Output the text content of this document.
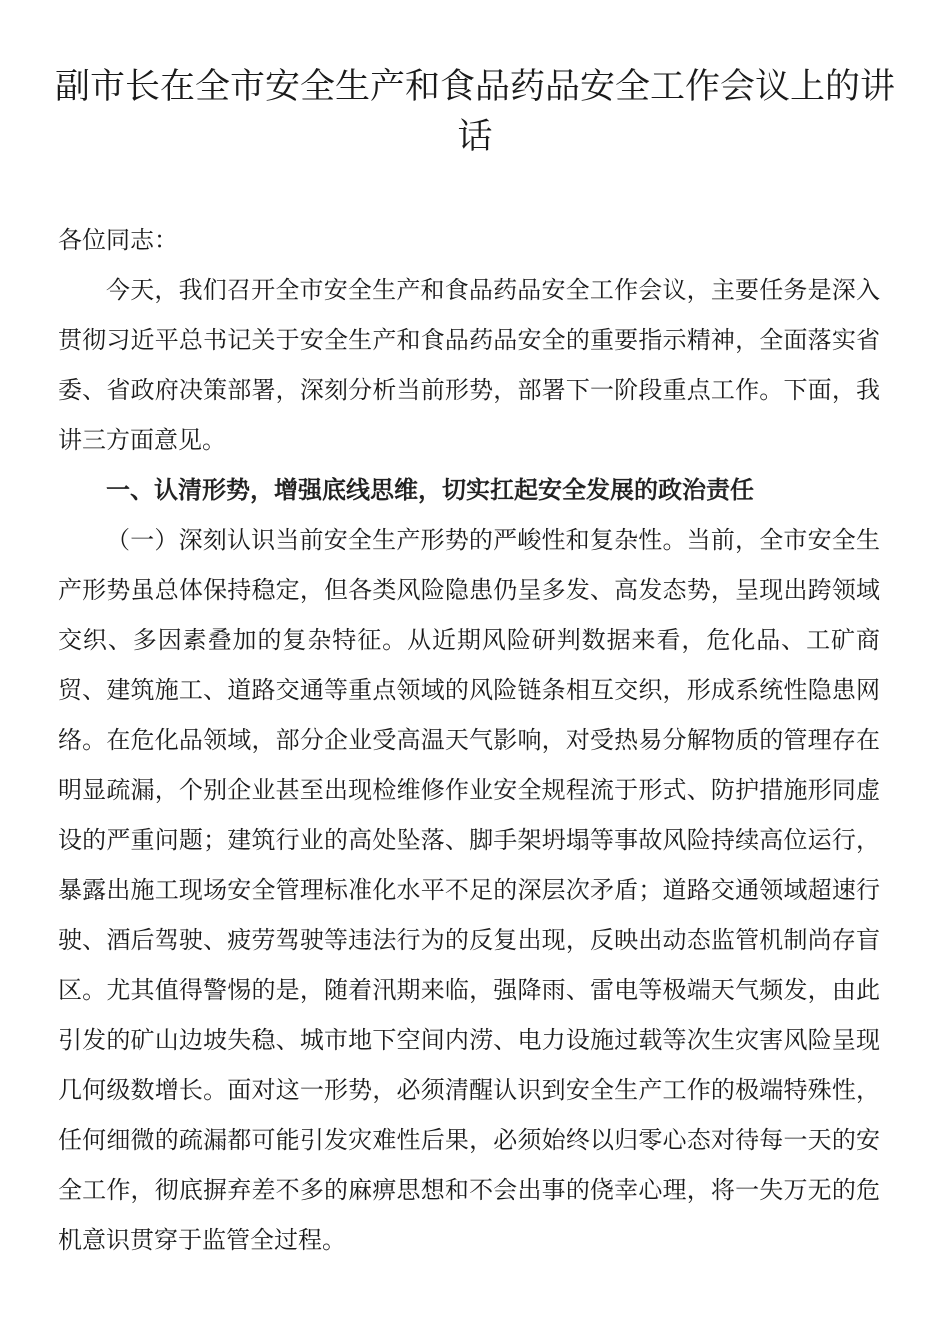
副市长在全市安全生产和食品药品安全工作会议上的讲话

各位同志：

今天，我们召开全市安全生产和食品药品安全工作会议，主要任务是深入贯彻习近平总书记关于安全生产和食品药品安全的重要指示精神，全面落实省委、省政府决策部署，深刻分析当前形势，部署下一阶段重点工作。下面，我讲三方面意见。

一、认清形势，增强底线思维，切实扛起安全发展的政治责任

（一）深刻认识当前安全生产形势的严峻性和复杂性。当前，全市安全生产形势虽总体保持稳定，但各类风险隐患仍呈多发、高发态势，呈现出跨领域交织、多因素叠加的复杂特征。从近期风险研判数据来看，危化品、工矿商贸、建筑施工、道路交通等重点领域的风险链条相互交织，形成系统性隐患网络。在危化品领域，部分企业受高温天气影响，对受热易分解物质的管理存在明显疏漏，个别企业甚至出现检维修作业安全规程流于形式、防护措施形同虚设的严重问题；建筑行业的高处坠落、脚手架坍塌等事故风险持续高位运行，暴露出施工现场安全管理标准化水平不足的深层次矛盾；道路交通领域超速行驶、酒后驾驶、疲劳驾驶等违法行为的反复出现，反映出动态监管机制尚存盲区。尤其值得警惕的是，随着汛期来临，强降雨、雷电等极端天气频发，由此引发的矿山边坡失稳、城市地下空间内涝、电力设施过载等次生灾害风险呈现几何级数增长。面对这一形势，必须清醒认识到安全生产工作的极端特殊性，任何细微的疏漏都可能引发灾难性后果，必须始终以归零心态对待每一天的安全工作，彻底摒弃差不多的麻痹思想和不会出事的侥幸心理，将一失万无的危机意识贯穿于监管全过程。
